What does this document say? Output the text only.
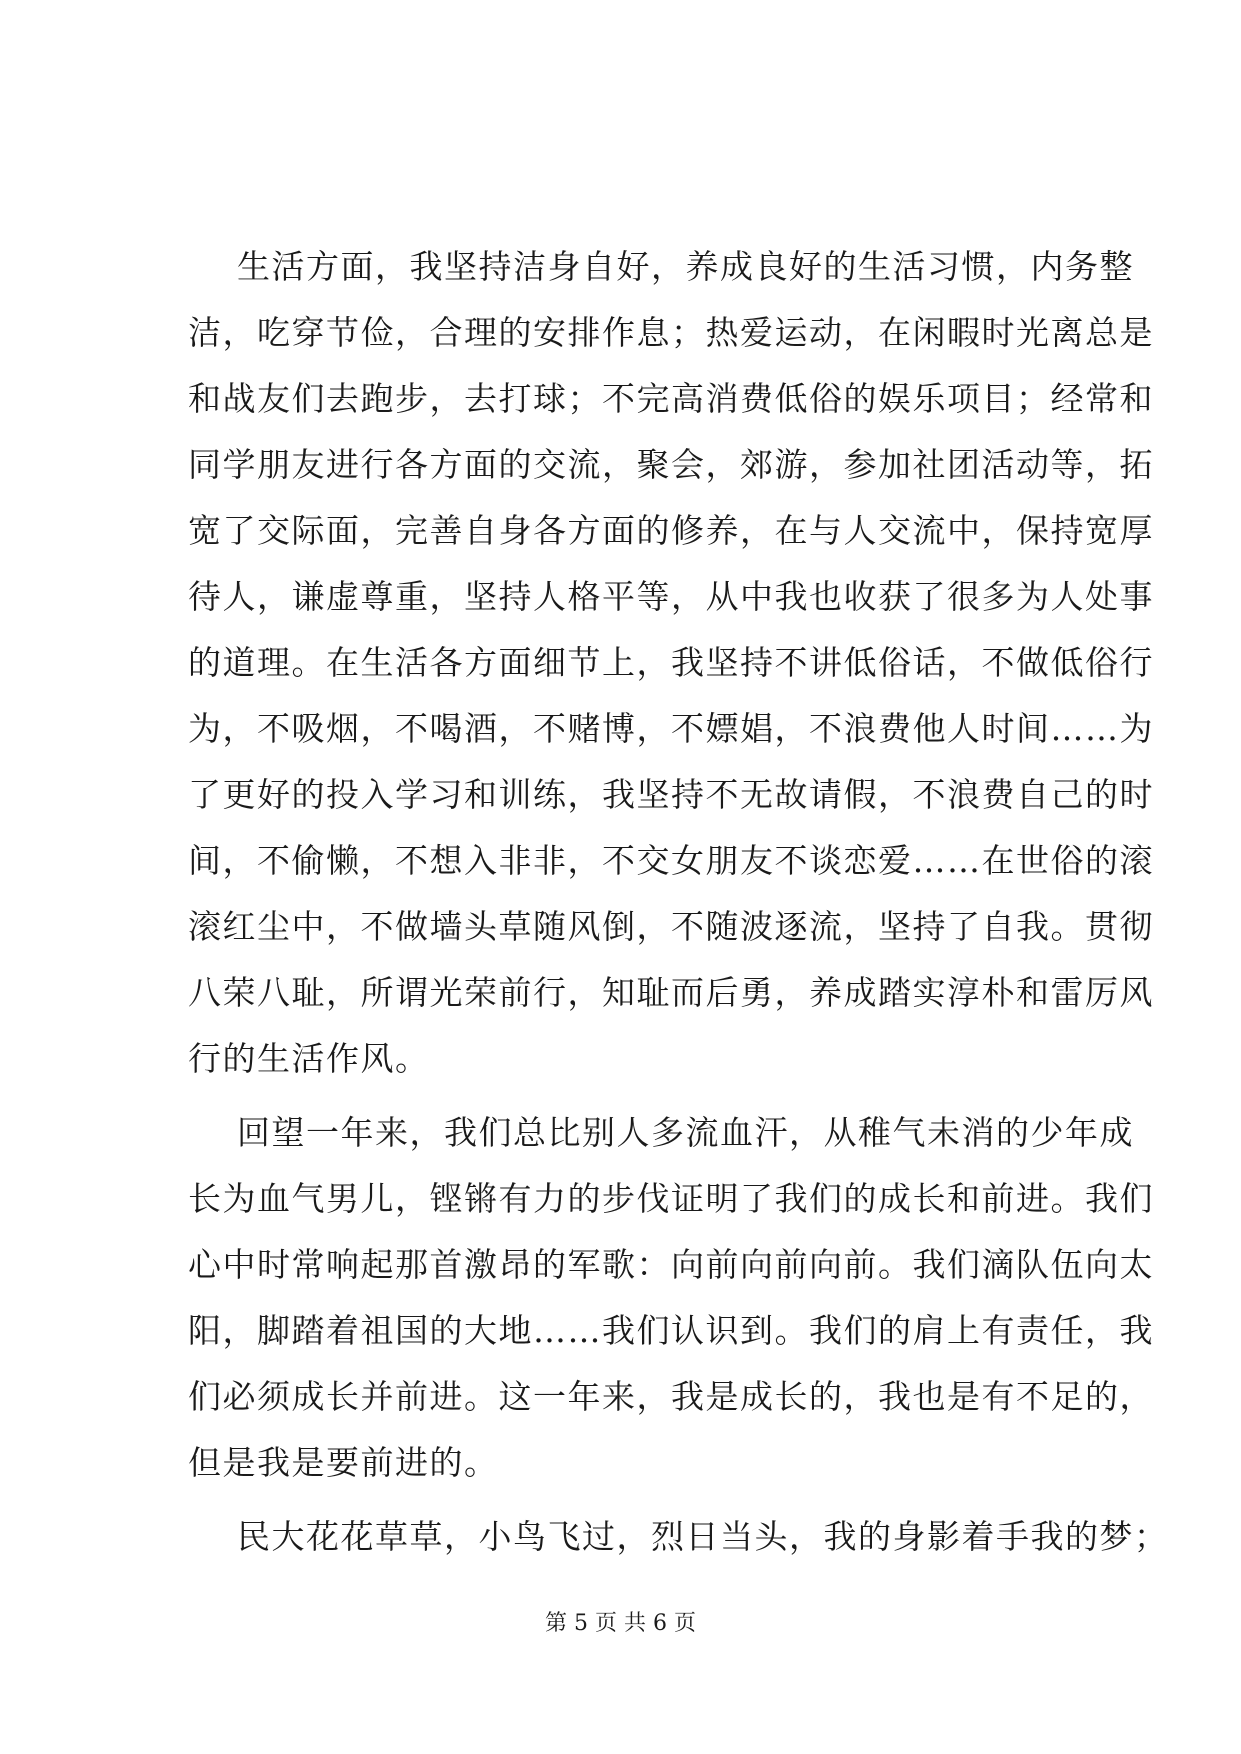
生活方面，我坚持洁身自好，养成良好的生活习惯，内务整
洁，吃穿节俭，合理的安排作息；热爱运动，在闲暇时光离总是
和战友们去跑步，去打球；不完高消费低俗的娱乐项目；经常和
同学朋友进行各方面的交流，聚会，郊游，参加社团活动等，拓
宽了交际面，完善自身各方面的修养，在与人交流中，保持宽厚
待人，谦虚尊重，坚持人格平等，从中我也收获了很多为人处事
的道理。在生活各方面细节上，我坚持不讲低俗话，不做低俗行
为，不吸烟，不喝酒，不赌博，不嫖娼，不浪费他人时间……为
了更好的投入学习和训练，我坚持不无故请假，不浪费自己的时
间，不偷懒，不想入非非，不交女朋友不谈恋爱……在世俗的滚
滚红尘中，不做墙头草随风倒，不随波逐流，坚持了自我。贯彻
八荣八耻，所谓光荣前行，知耻而后勇，养成踏实淳朴和雷厉风
行的生活作风。
回望一年来，我们总比别人多流血汗，从稚气未消的少年成
长为血气男儿，铿锵有力的步伐证明了我们的成长和前进。我们
心中时常响起那首激昂的军歌：向前向前向前。我们滴队伍向太
阳，脚踏着祖国的大地……我们认识到。我们的肩上有责任，我
们必须成长并前进。这一年来，我是成长的，我也是有不足的，
但是我是要前进的。
民大花花草草，小鸟飞过，烈日当头，我的身影着手我的梦；
第 5 页 共 6 页
